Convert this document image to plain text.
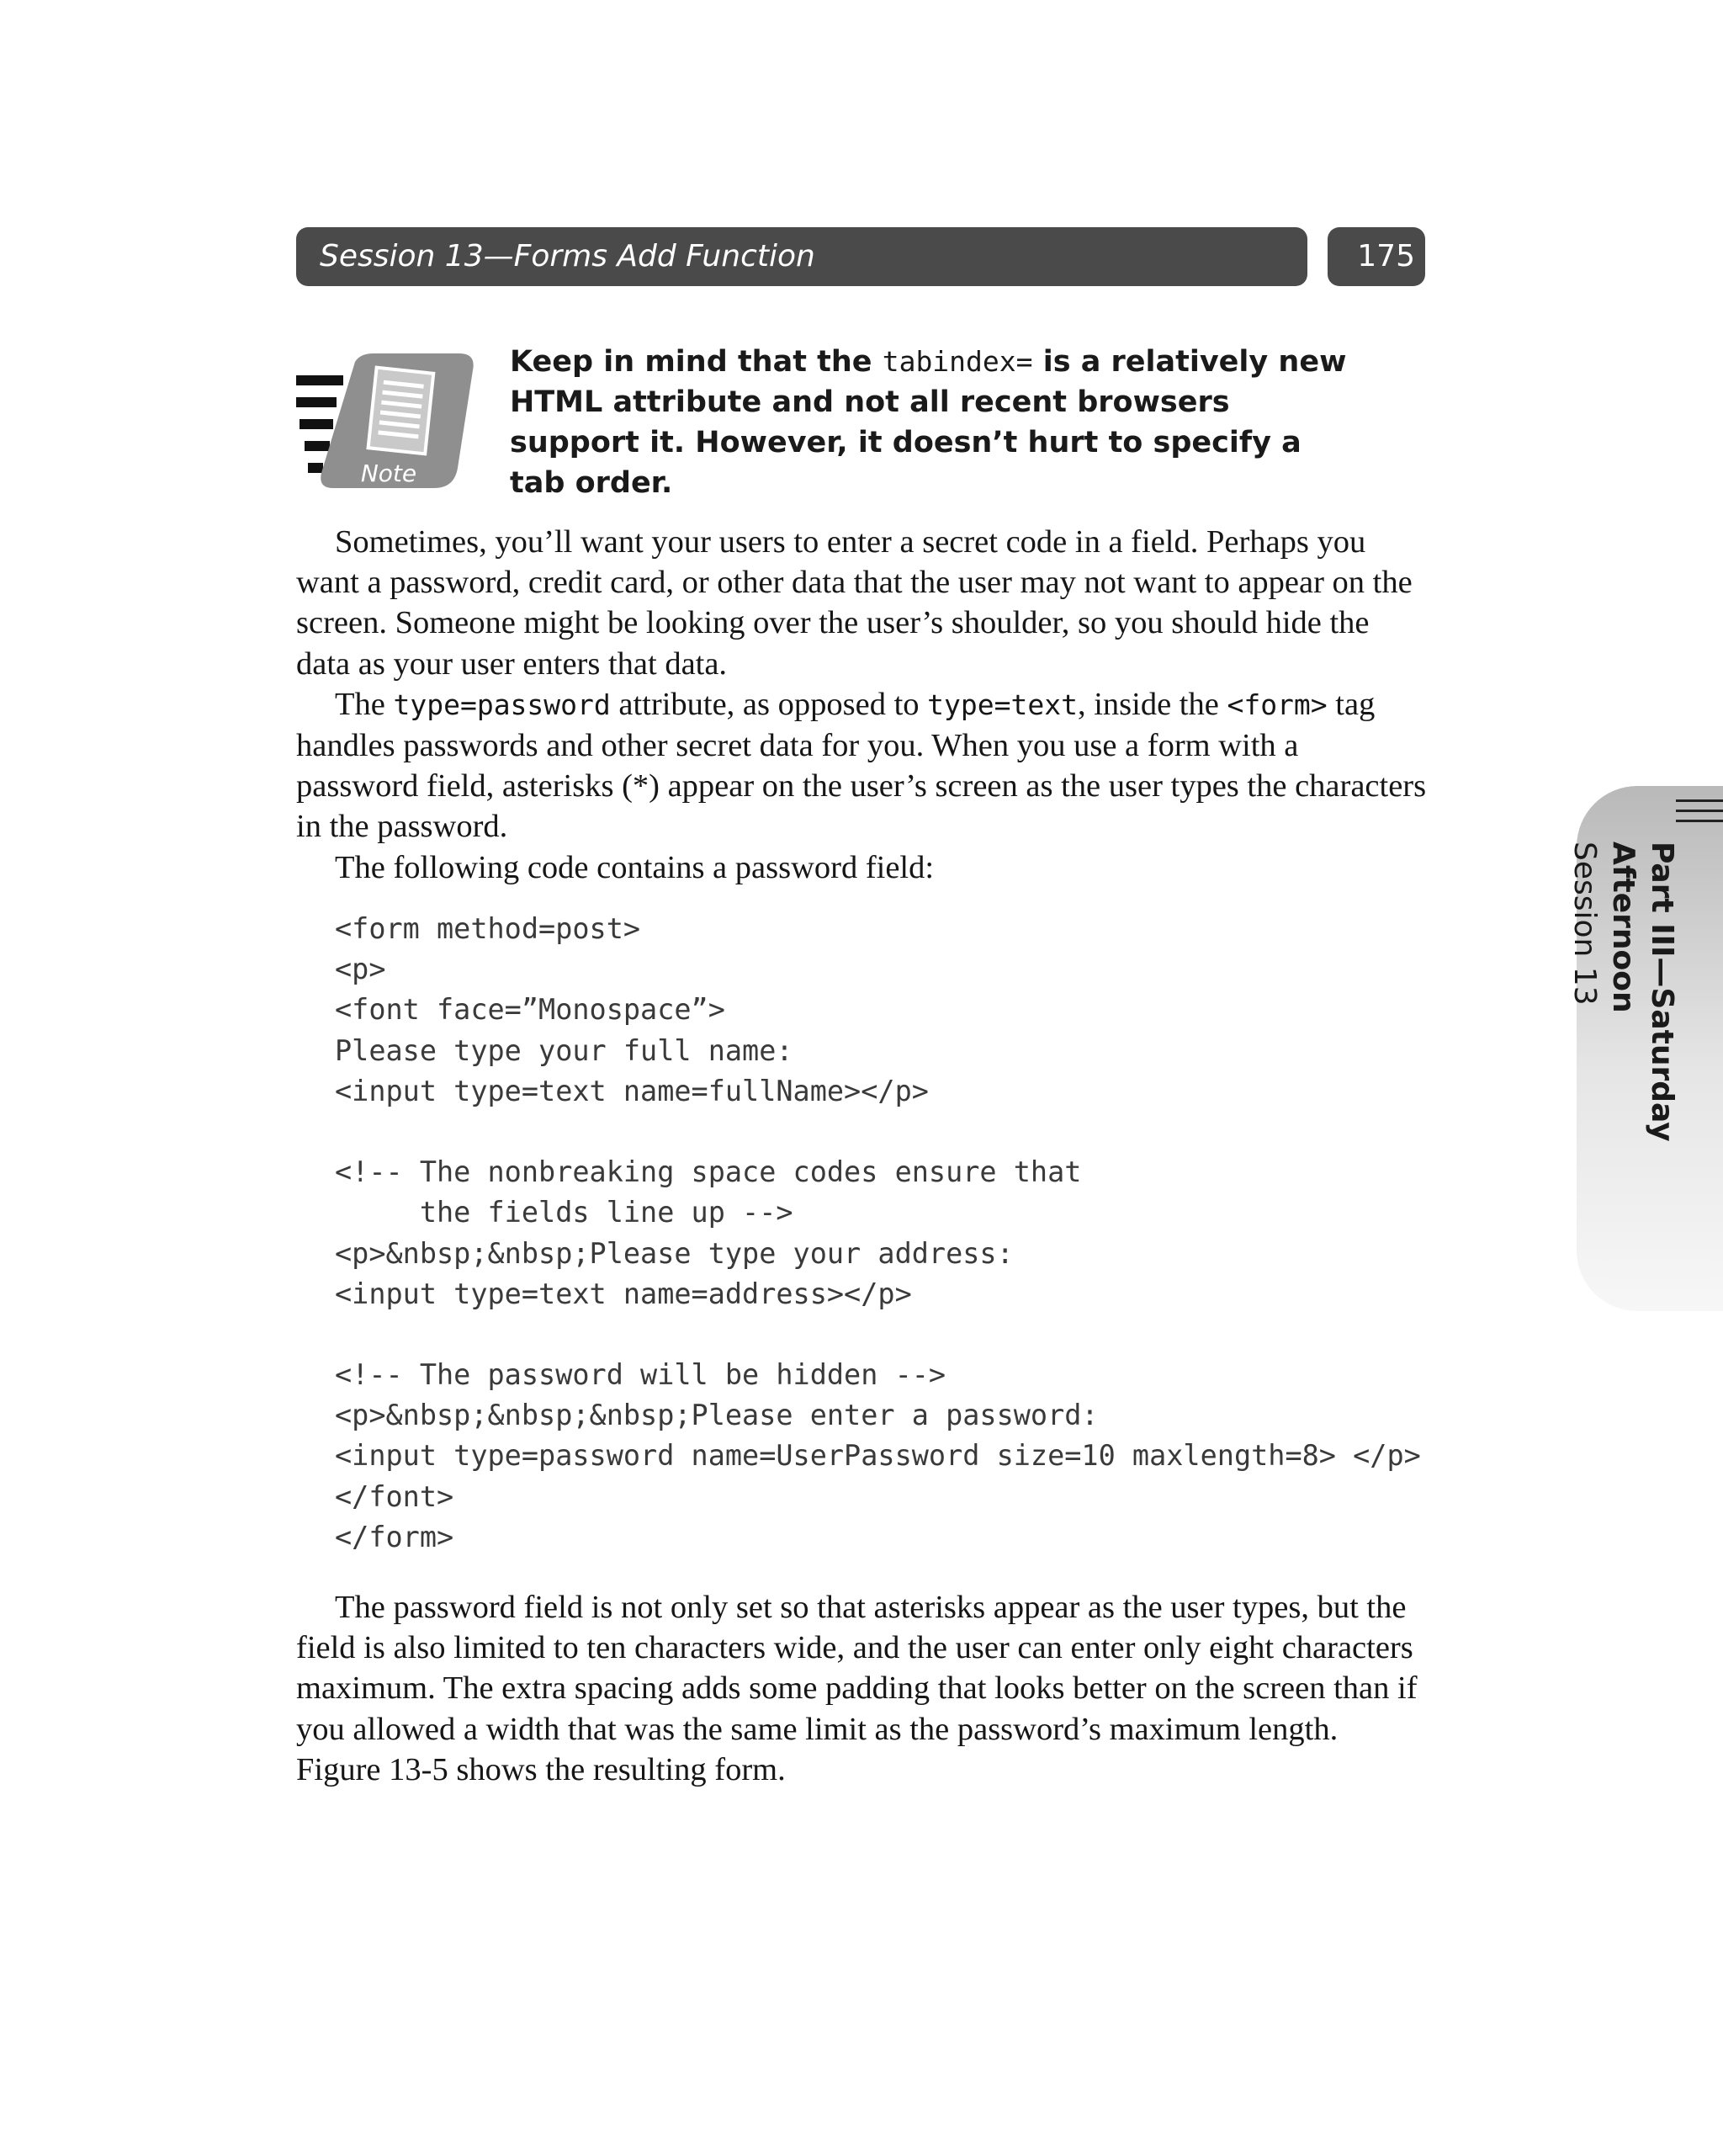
Session 13—Forms Add Function	175
Note
Keep in mind that the tabindex= is a relatively new HTML attribute and not all recent browsers support it. However, it doesn’t hurt to specify a tab order.

Sometimes, you’ll want your users to enter a secret code in a field. Perhaps you want a password, credit card, or other data that the user may not want to appear on the screen. Someone might be looking over the user’s shoulder, so you should hide the data as your user enters that data.

The type=password attribute, as opposed to type=text, inside the <form> tag handles passwords and other secret data for you. When you use a form with a password field, asterisks (*) appear on the user’s screen as the user types the characters in the password.

The following code contains a password field:

<form method=post>
<p>
<font face=”Monospace”>
Please type your full name:
<input type=text name=fullName></p>
<!-- The nonbreaking space codes ensure that
the fields line up -->
<p>&nbsp;&nbsp;Please type your address:
<input type=text name=address></p>
<!-- The password will be hidden -->
<p>&nbsp;&nbsp;&nbsp;Please enter a password:
<input type=password name=UserPassword size=10 maxlength=8> </p>
</font>
</form>

The password field is not only set so that asterisks appear as the user types, but the field is also limited to ten characters wide, and the user can enter only eight characters maximum. The extra spacing adds some padding that looks better on the screen than if you allowed a width that was the same limit as the password’s maximum length. Figure 13-5 shows the resulting form.

Part III—Saturday Afternoon
Session 13
